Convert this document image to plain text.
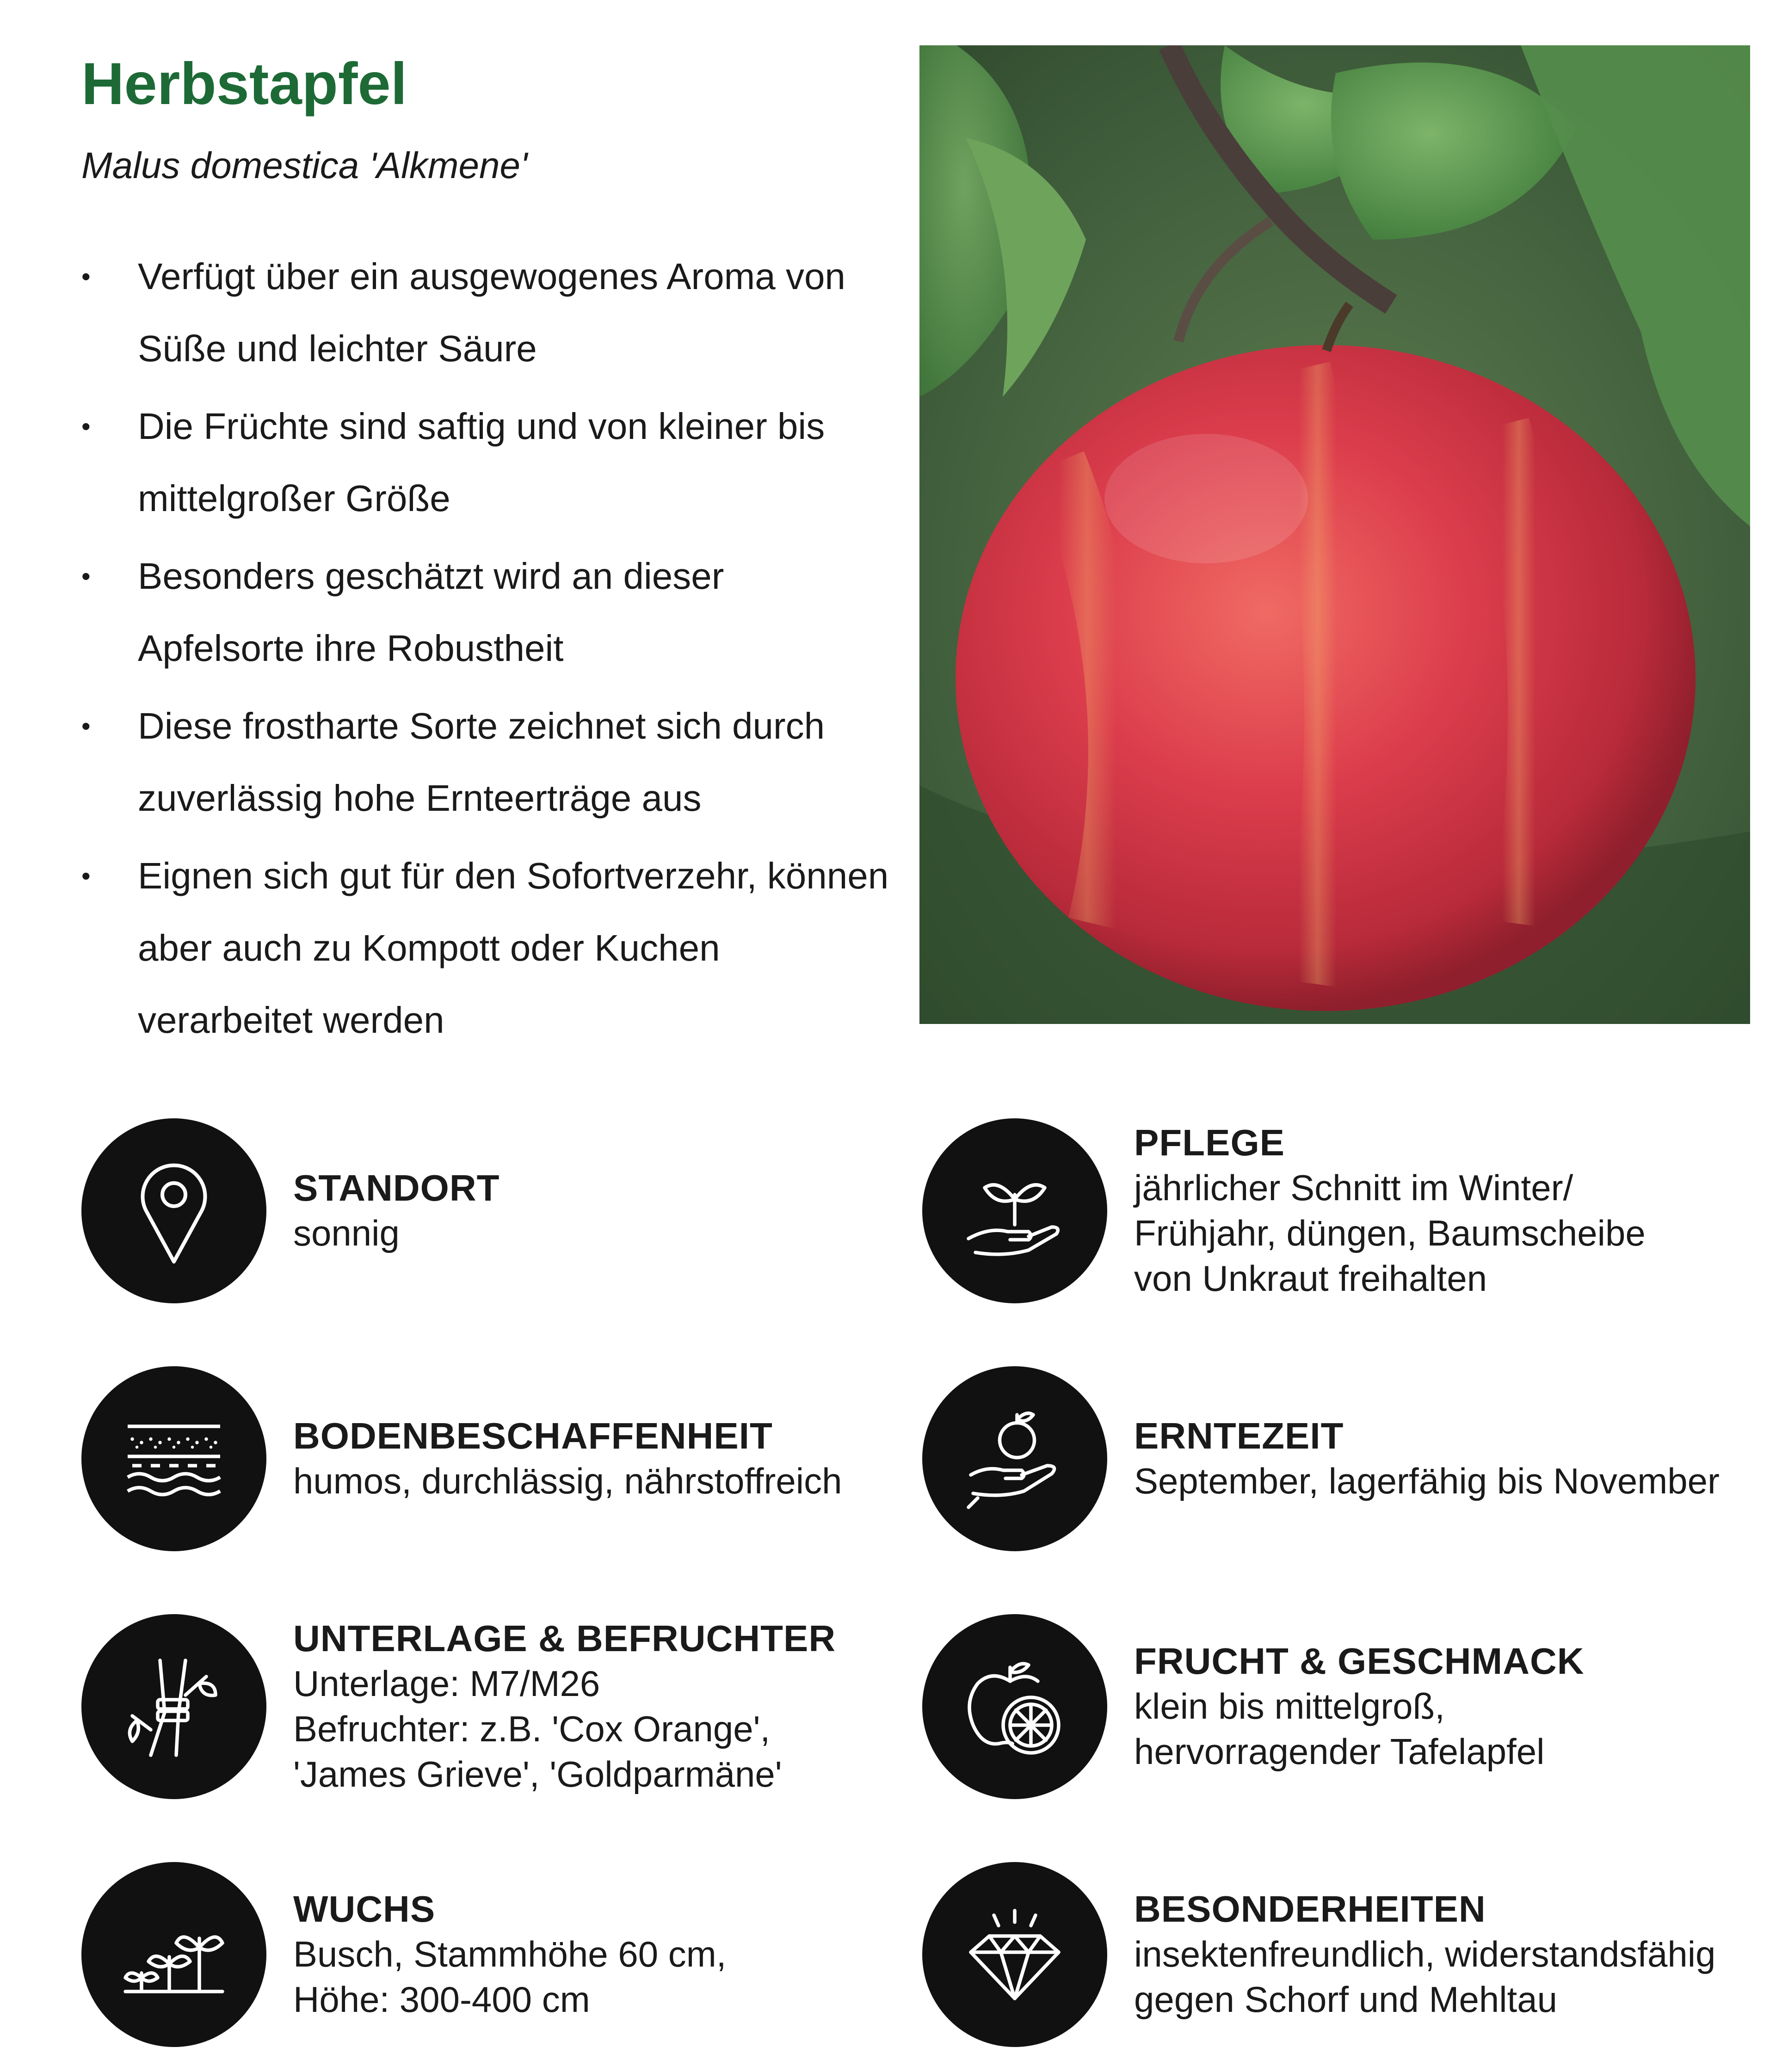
Herbstapfel
Malus domestica 'Alkmene'
• Verfügt über ein ausgewogenes Aroma von Süße und leichter Säure
• Die Früchte sind saftig und von kleiner bis mittelgroßer Größe
• Besonders geschätzt wird an dieser Apfelsorte ihre Robustheit
• Diese frostharte Sorte zeichnet sich durch zuverlässig hohe Ernteerträge aus
• Eignen sich gut für den Sofortverzehr, können aber auch zu Kompott oder Kuchen verarbeitet werden
STANDORT
sonnig
BODENBESCHAFFENHEIT
humos, durchlässig, nährstoffreich
UNTERLAGE & BEFRUCHTER
Unterlage: M7/M26
Befruchter: z.B. 'Cox Orange',
'James Grieve', 'Goldparmäne'
WUCHS
Busch, Stammhöhe 60 cm,
Höhe: 300-400 cm
PFLEGE
jährlicher Schnitt im Winter/
Frühjahr, düngen, Baumscheibe
von Unkraut freihalten
ERNTEZEIT
September, lagerfähig bis November
FRUCHT & GESCHMACK
klein bis mittelgroß,
hervorragender Tafelapfel
BESONDERHEITEN
insektenfreundlich, widerstandsfähig
gegen Schorf und Mehltau
